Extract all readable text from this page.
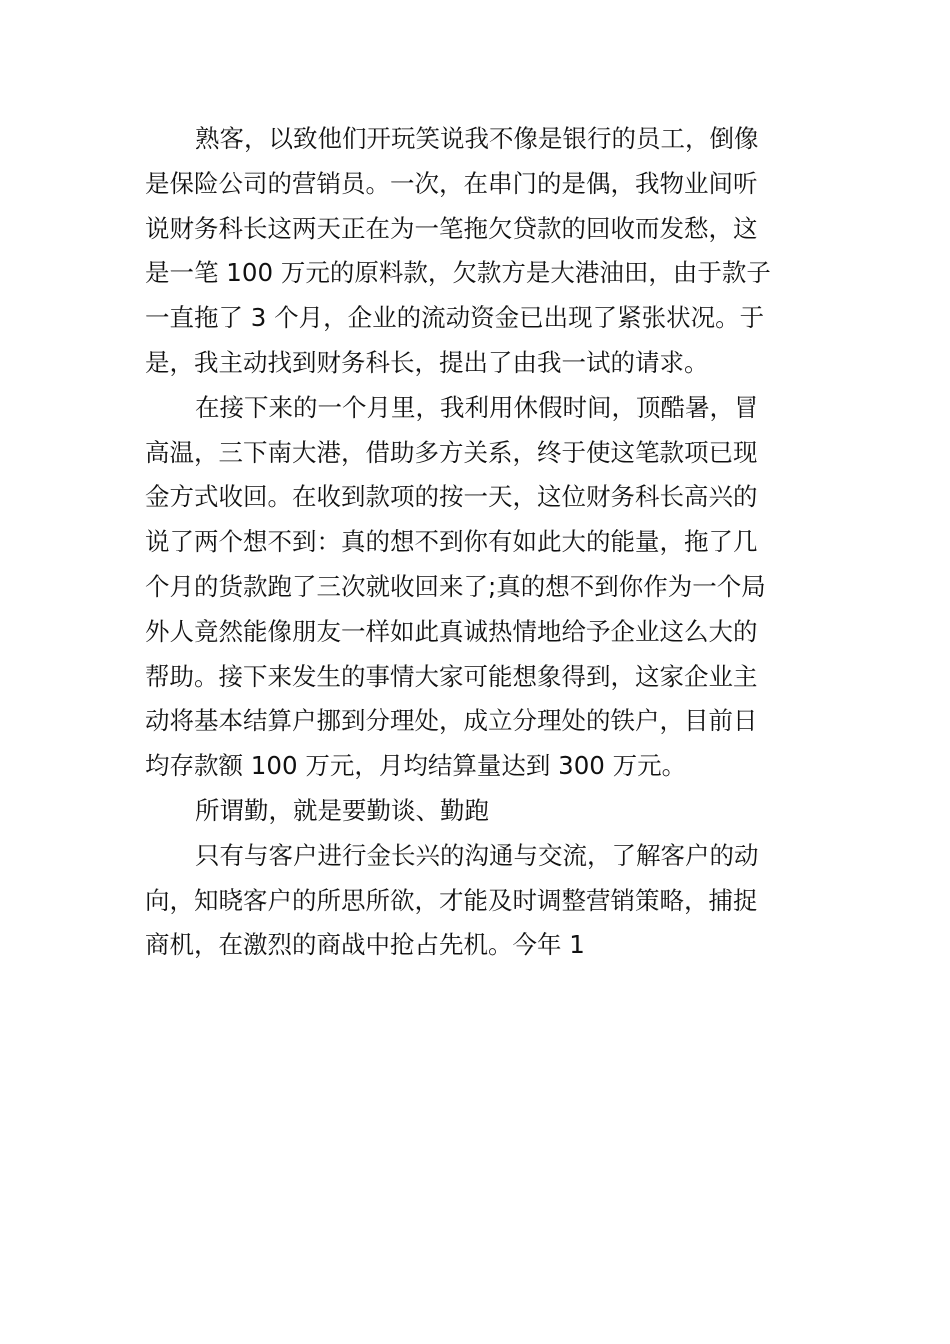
熟客，以致他们开玩笑说我不像是银行的员工，倒像
是保险公司的营销员。一次，在串门的是偶，我物业间听
说财务科长这两天正在为一笔拖欠贷款的回收而发愁，这
是一笔 100 万元的原料款，欠款方是大港油田，由于款子
一直拖了 3 个月，企业的流动资金已出现了紧张状况。于
是，我主动找到财务科长，提出了由我一试的请求。
在接下来的一个月里，我利用休假时间，顶酷暑，冒
高温，三下南大港，借助多方关系，终于使这笔款项已现
金方式收回。在收到款项的按一天，这位财务科长高兴的
说了两个想不到：真的想不到你有如此大的能量，拖了几
个月的货款跑了三次就收回来了;真的想不到你作为一个局
外人竟然能像朋友一样如此真诚热情地给予企业这么大的
帮助。接下来发生的事情大家可能想象得到，这家企业主
动将基本结算户挪到分理处，成立分理处的铁户，目前日
均存款额 100 万元，月均结算量达到 300 万元。
所谓勤，就是要勤谈、勤跑
只有与客户进行金长兴的沟通与交流，了解客户的动
向，知晓客户的所思所欲，才能及时调整营销策略，捕捉
商机，在激烈的商战中抢占先机。今年 1
